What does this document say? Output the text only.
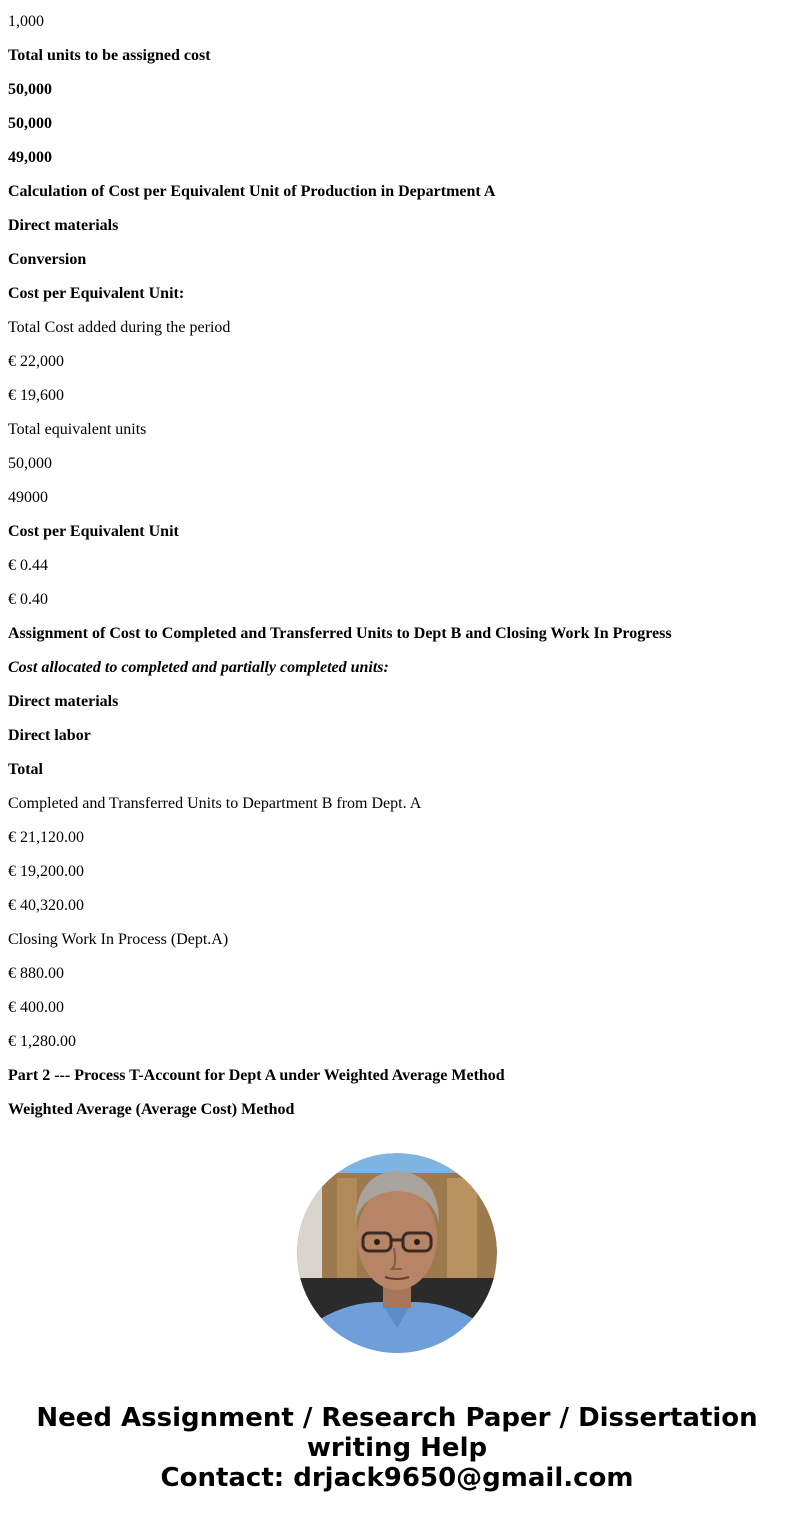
1,000

Total units to be assigned cost

50,000

50,000

49,000

Calculation of Cost per Equivalent Unit of Production in Department A

Direct materials

Conversion

Cost per Equivalent Unit:

Total Cost added during the period

€ 22,000

€ 19,600

Total equivalent units

50,000

49000

Cost per Equivalent Unit

€ 0.44

€ 0.40

Assignment of Cost to Completed and Transferred Units to Dept B and Closing Work In Progress

Cost allocated to completed and partially completed units:

Direct materials

Direct labor

Total

Completed and Transferred Units to Department B from Dept. A

€ 21,120.00

€ 19,200.00

€ 40,320.00

Closing Work In Process (Dept.A)

€ 880.00

€ 400.00

€ 1,280.00

Part 2 --- Process T-Account for Dept A under Weighted Average Method

Weighted Average (Average Cost) Method

Need Assignment / Research Paper / Dissertation
writing Help
Contact: drjack9650@gmail.com
